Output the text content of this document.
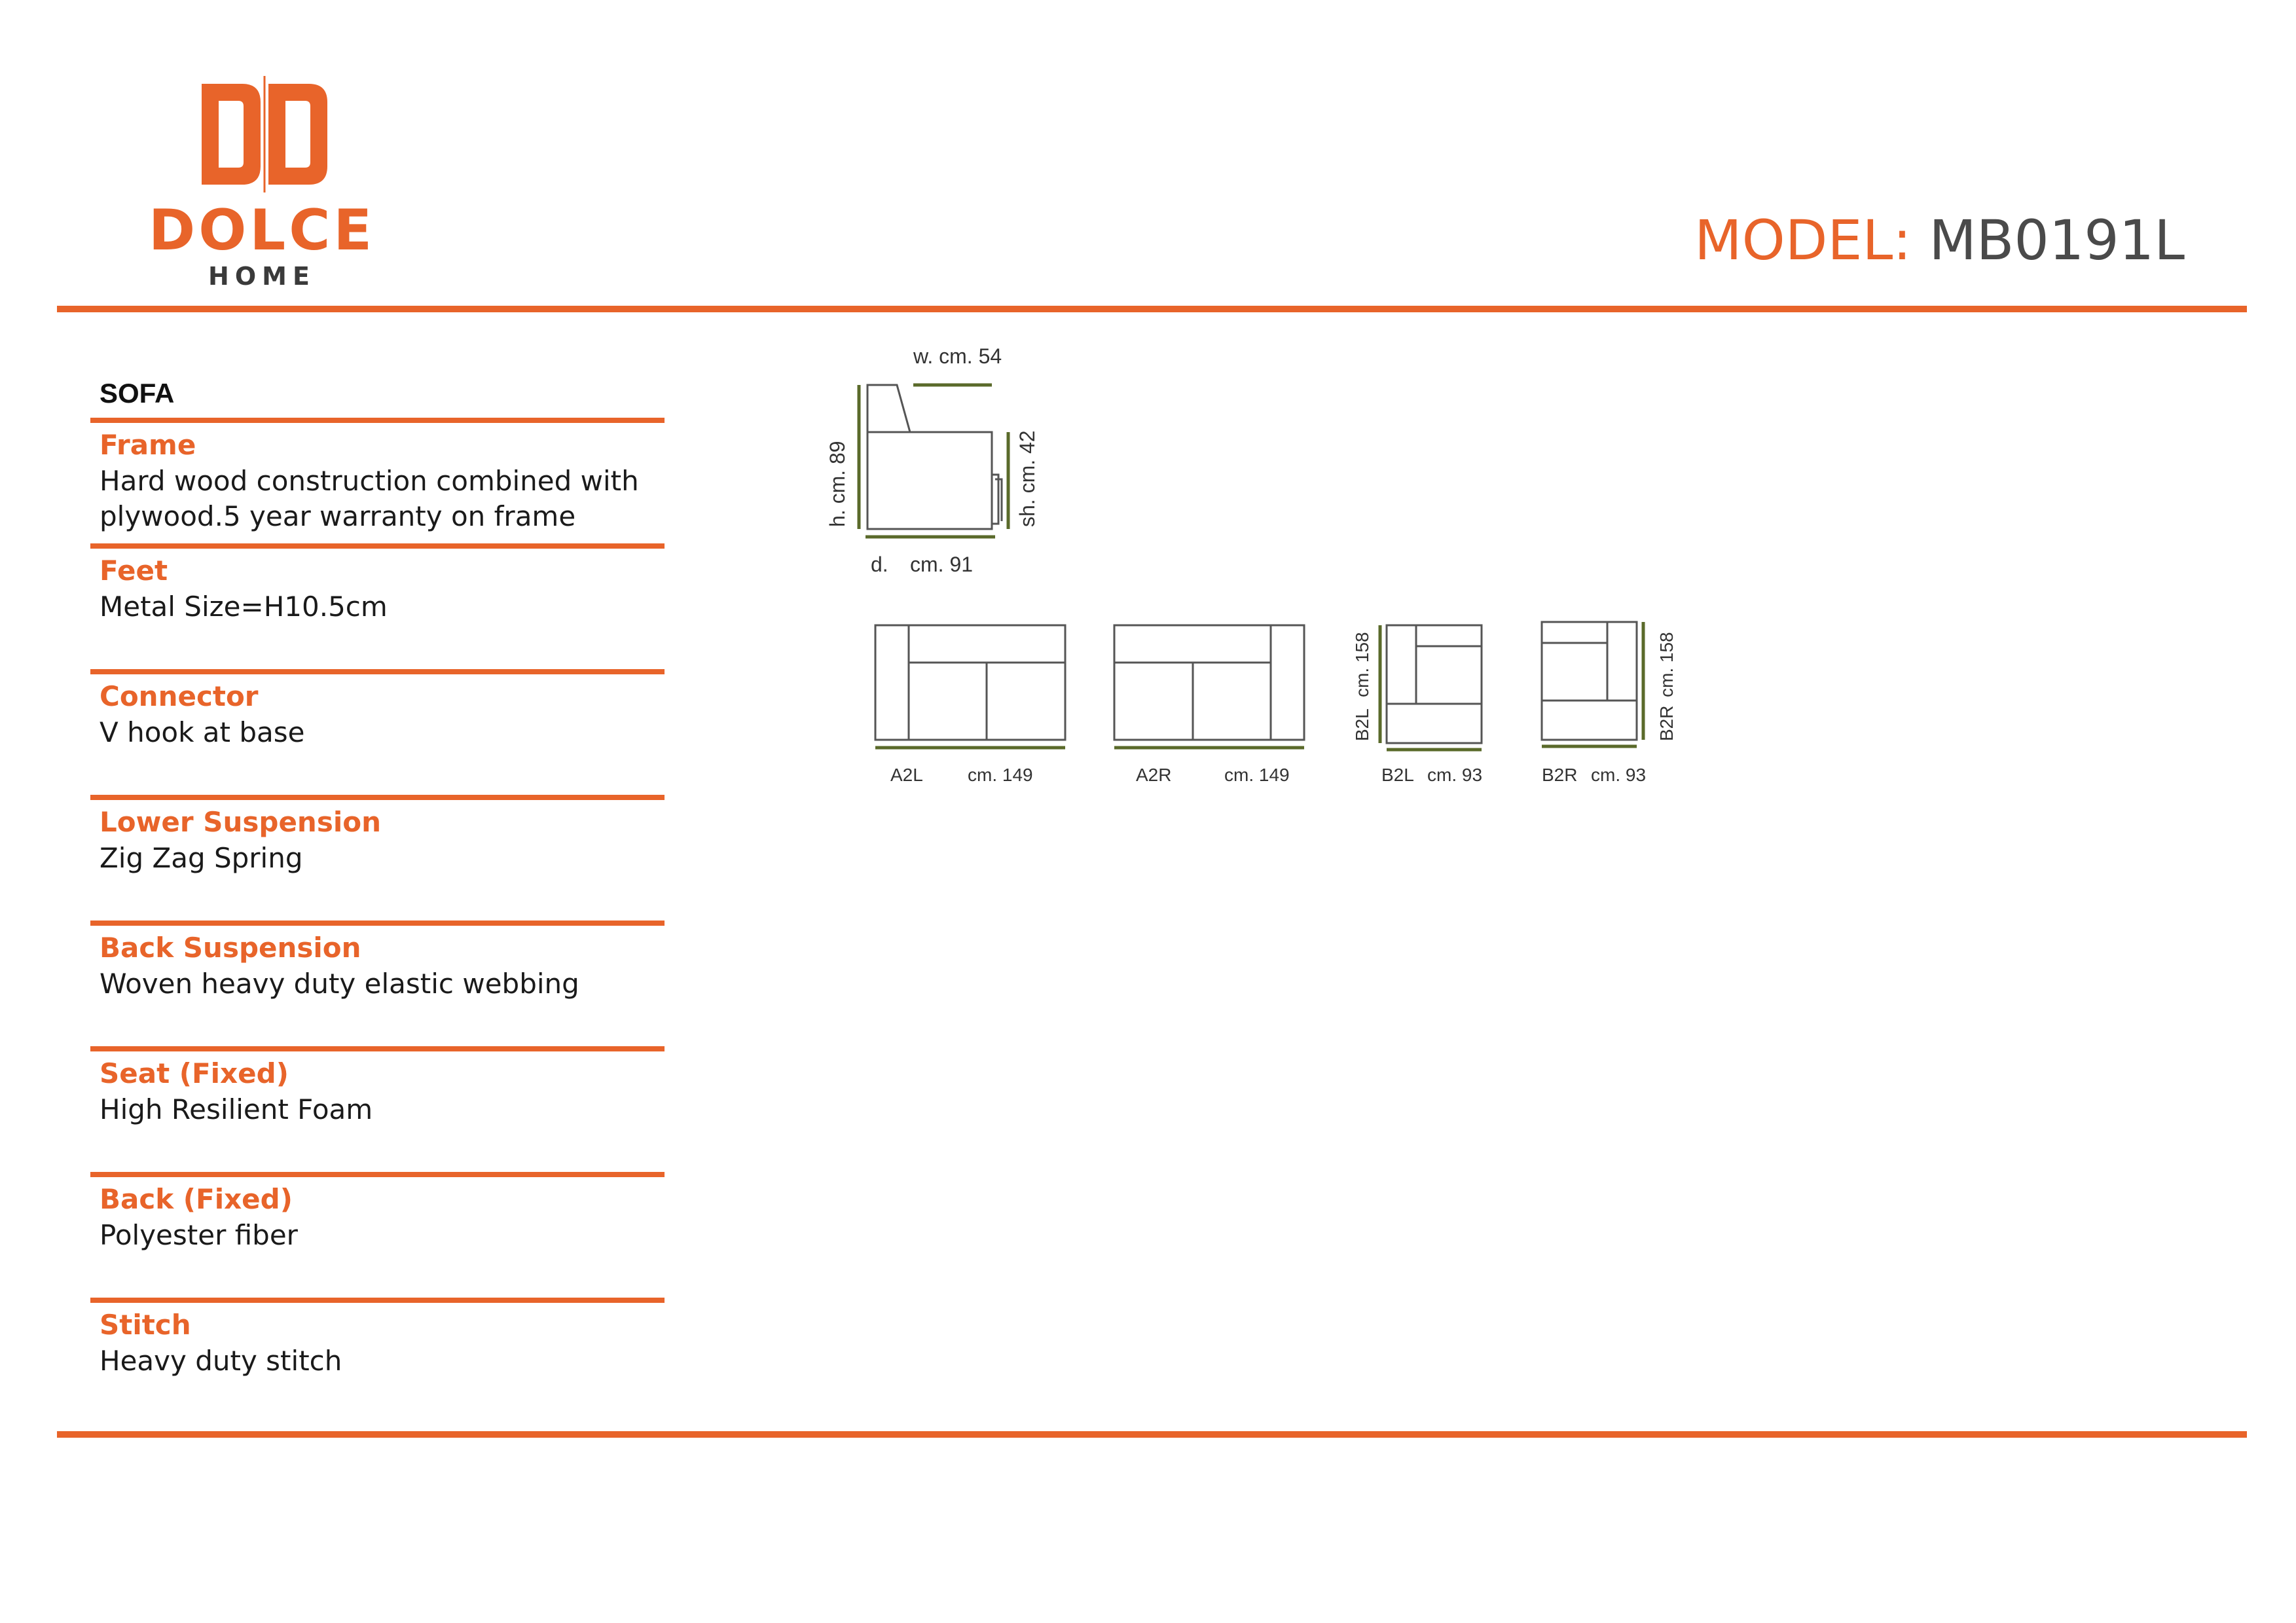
DOLCE
HOME
MODEL: MB0191L
SOFA
Frame
Hard wood construction combined with plywood.5 year warranty on frame
Feet
Metal Size=H10.5cm
Connector
V hook at base
Lower Suspension
Zig Zag Spring
Back Suspension
Woven heavy duty elastic webbing
Seat (Fixed)
High Resilient Foam
Back (Fixed)
Polyester fiber
Stitch
Heavy duty stitch
w. cm. 54
h. cm. 89	sh. cm. 42
d. cm. 91
A2L cm. 149	A2R	cm. 149
B2L
cm. 158
B2L cm. 93
B2R
cm. 158
B2R cm. 93
